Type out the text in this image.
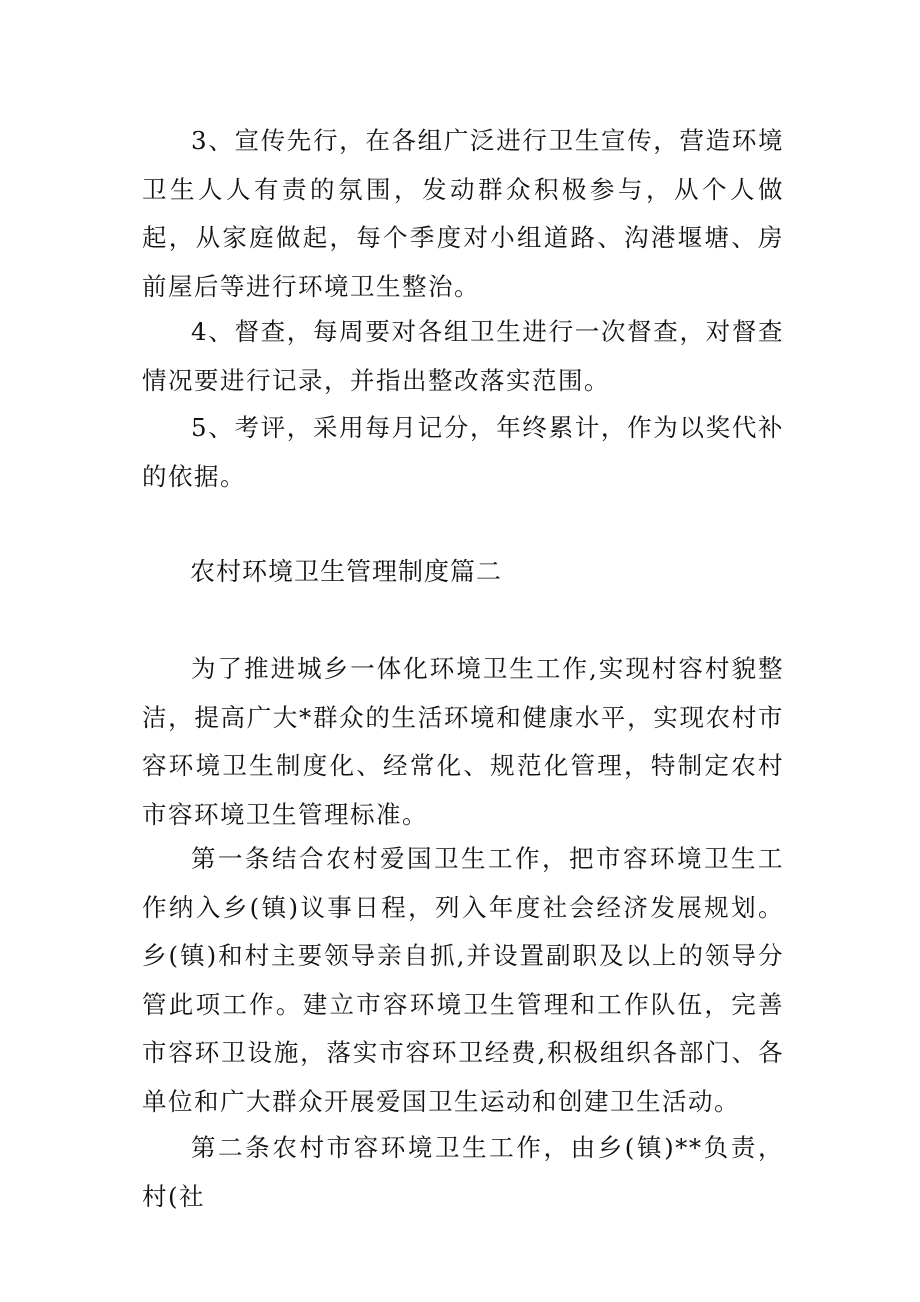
3、宣传先行，在各组广泛进行卫生宣传，营造环境卫生人人有责的氛围，发动群众积极参与，从个人做起，从家庭做起，每个季度对小组道路、沟港堰塘、房前屋后等进行环境卫生整治。

4、督查，每周要对各组卫生进行一次督查，对督查情况要进行记录，并指出整改落实范围。

5、考评，采用每月记分，年终累计，作为以奖代补的依据。

农村环境卫生管理制度篇二

为了推进城乡一体化环境卫生工作,实现村容村貌整洁，提高广大*群众的生活环境和健康水平，实现农村市容环境卫生制度化、经常化、规范化管理，特制定农村市容环境卫生管理标准。

第一条结合农村爱国卫生工作，把市容环境卫生工作纳入乡(镇)议事日程，列入年度社会经济发展规划。乡(镇)和村主要领导亲自抓,并设置副职及以上的领导分管此项工作。建立市容环境卫生管理和工作队伍，完善市容环卫设施，落实市容环卫经费,积极组织各部门、各单位和广大群众开展爱国卫生运动和创建卫生活动。

第二条农村市容环境卫生工作，由乡(镇)**负责，村(社
